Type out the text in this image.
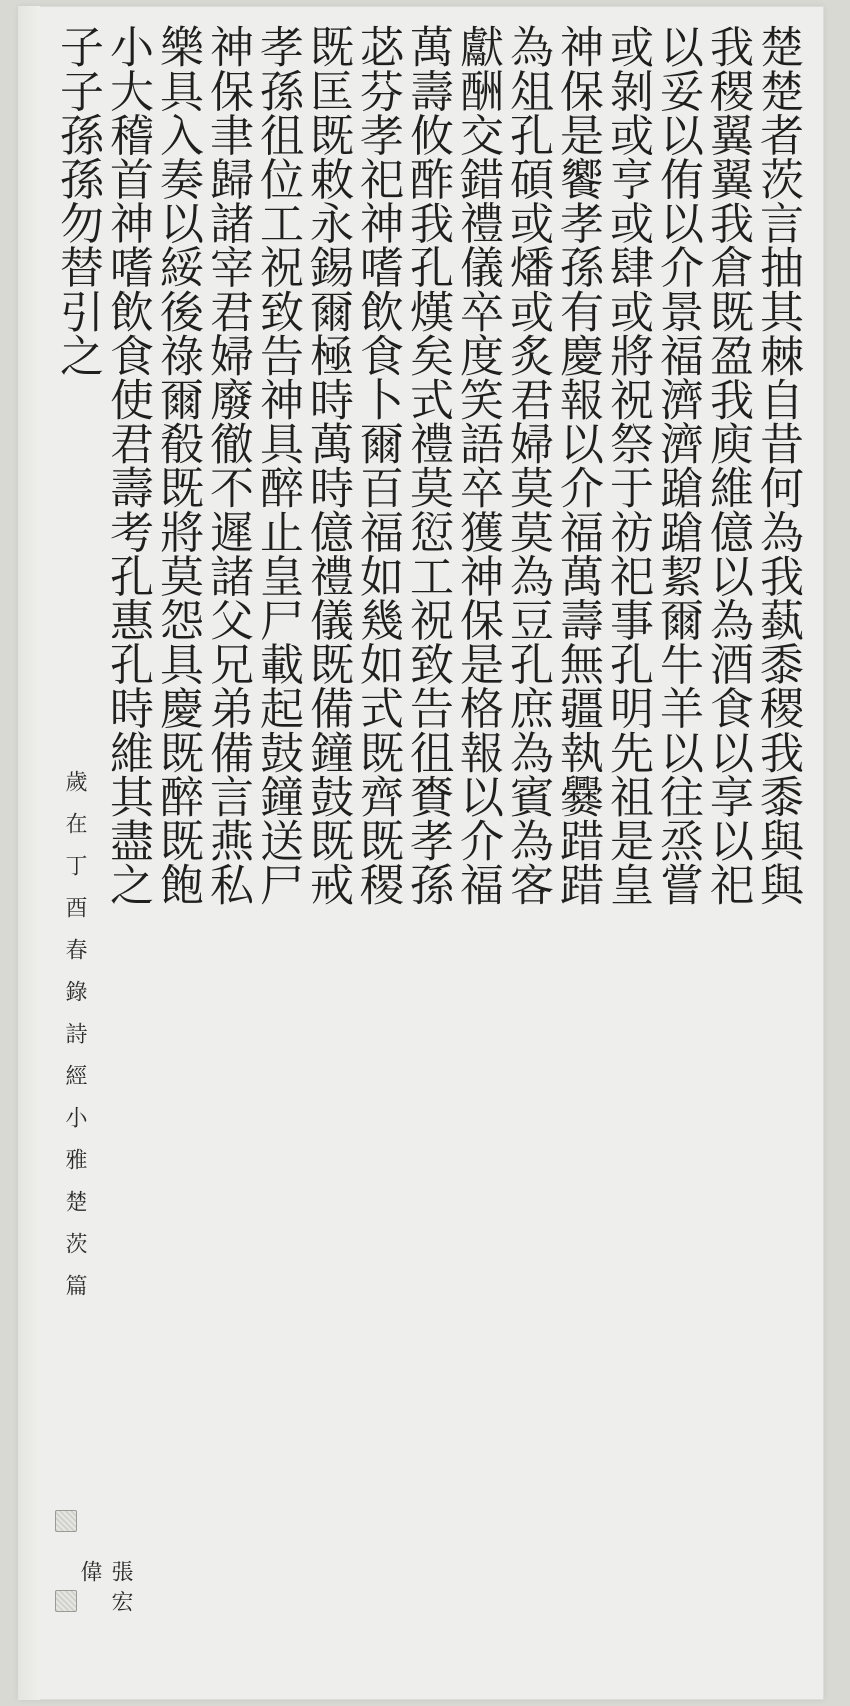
楚楚者茨言抽其棘自昔何為我蓺黍稷我黍與與
我稷翼翼我倉既盈我庾維億以為酒食以享以祀
以妥以侑以介景福濟濟蹌蹌絜爾牛羊以往烝嘗
或剝或亨或肆或將祝祭于祊祀事孔明先祖是皇
神保是饗孝孫有慶報以介福萬壽無疆執爨踖踖
為俎孔碩或燔或炙君婦莫莫為豆孔庶為賓為客
獻酬交錯禮儀卒度笑語卒獲神保是格報以介福
萬壽攸酢我孔熯矣式禮莫愆工祝致告徂賚孝孫
苾芬孝祀神嗜飲食卜爾百福如幾如式既齊既稷
既匡既敕永錫爾極時萬時億禮儀既備鐘鼓既戒
孝孫徂位工祝致告神具醉止皇尸載起鼓鐘送尸
神保聿歸諸宰君婦廢徹不遲諸父兄弟備言燕私
樂具入奏以綏後祿爾殽既將莫怨具慶既醉既飽
小大稽首神嗜飲食使君壽考孔惠孔時維其盡之
子子孫孫勿替引之
歲在丁酉春錄詩經小雅楚茨篇
張宏偉
